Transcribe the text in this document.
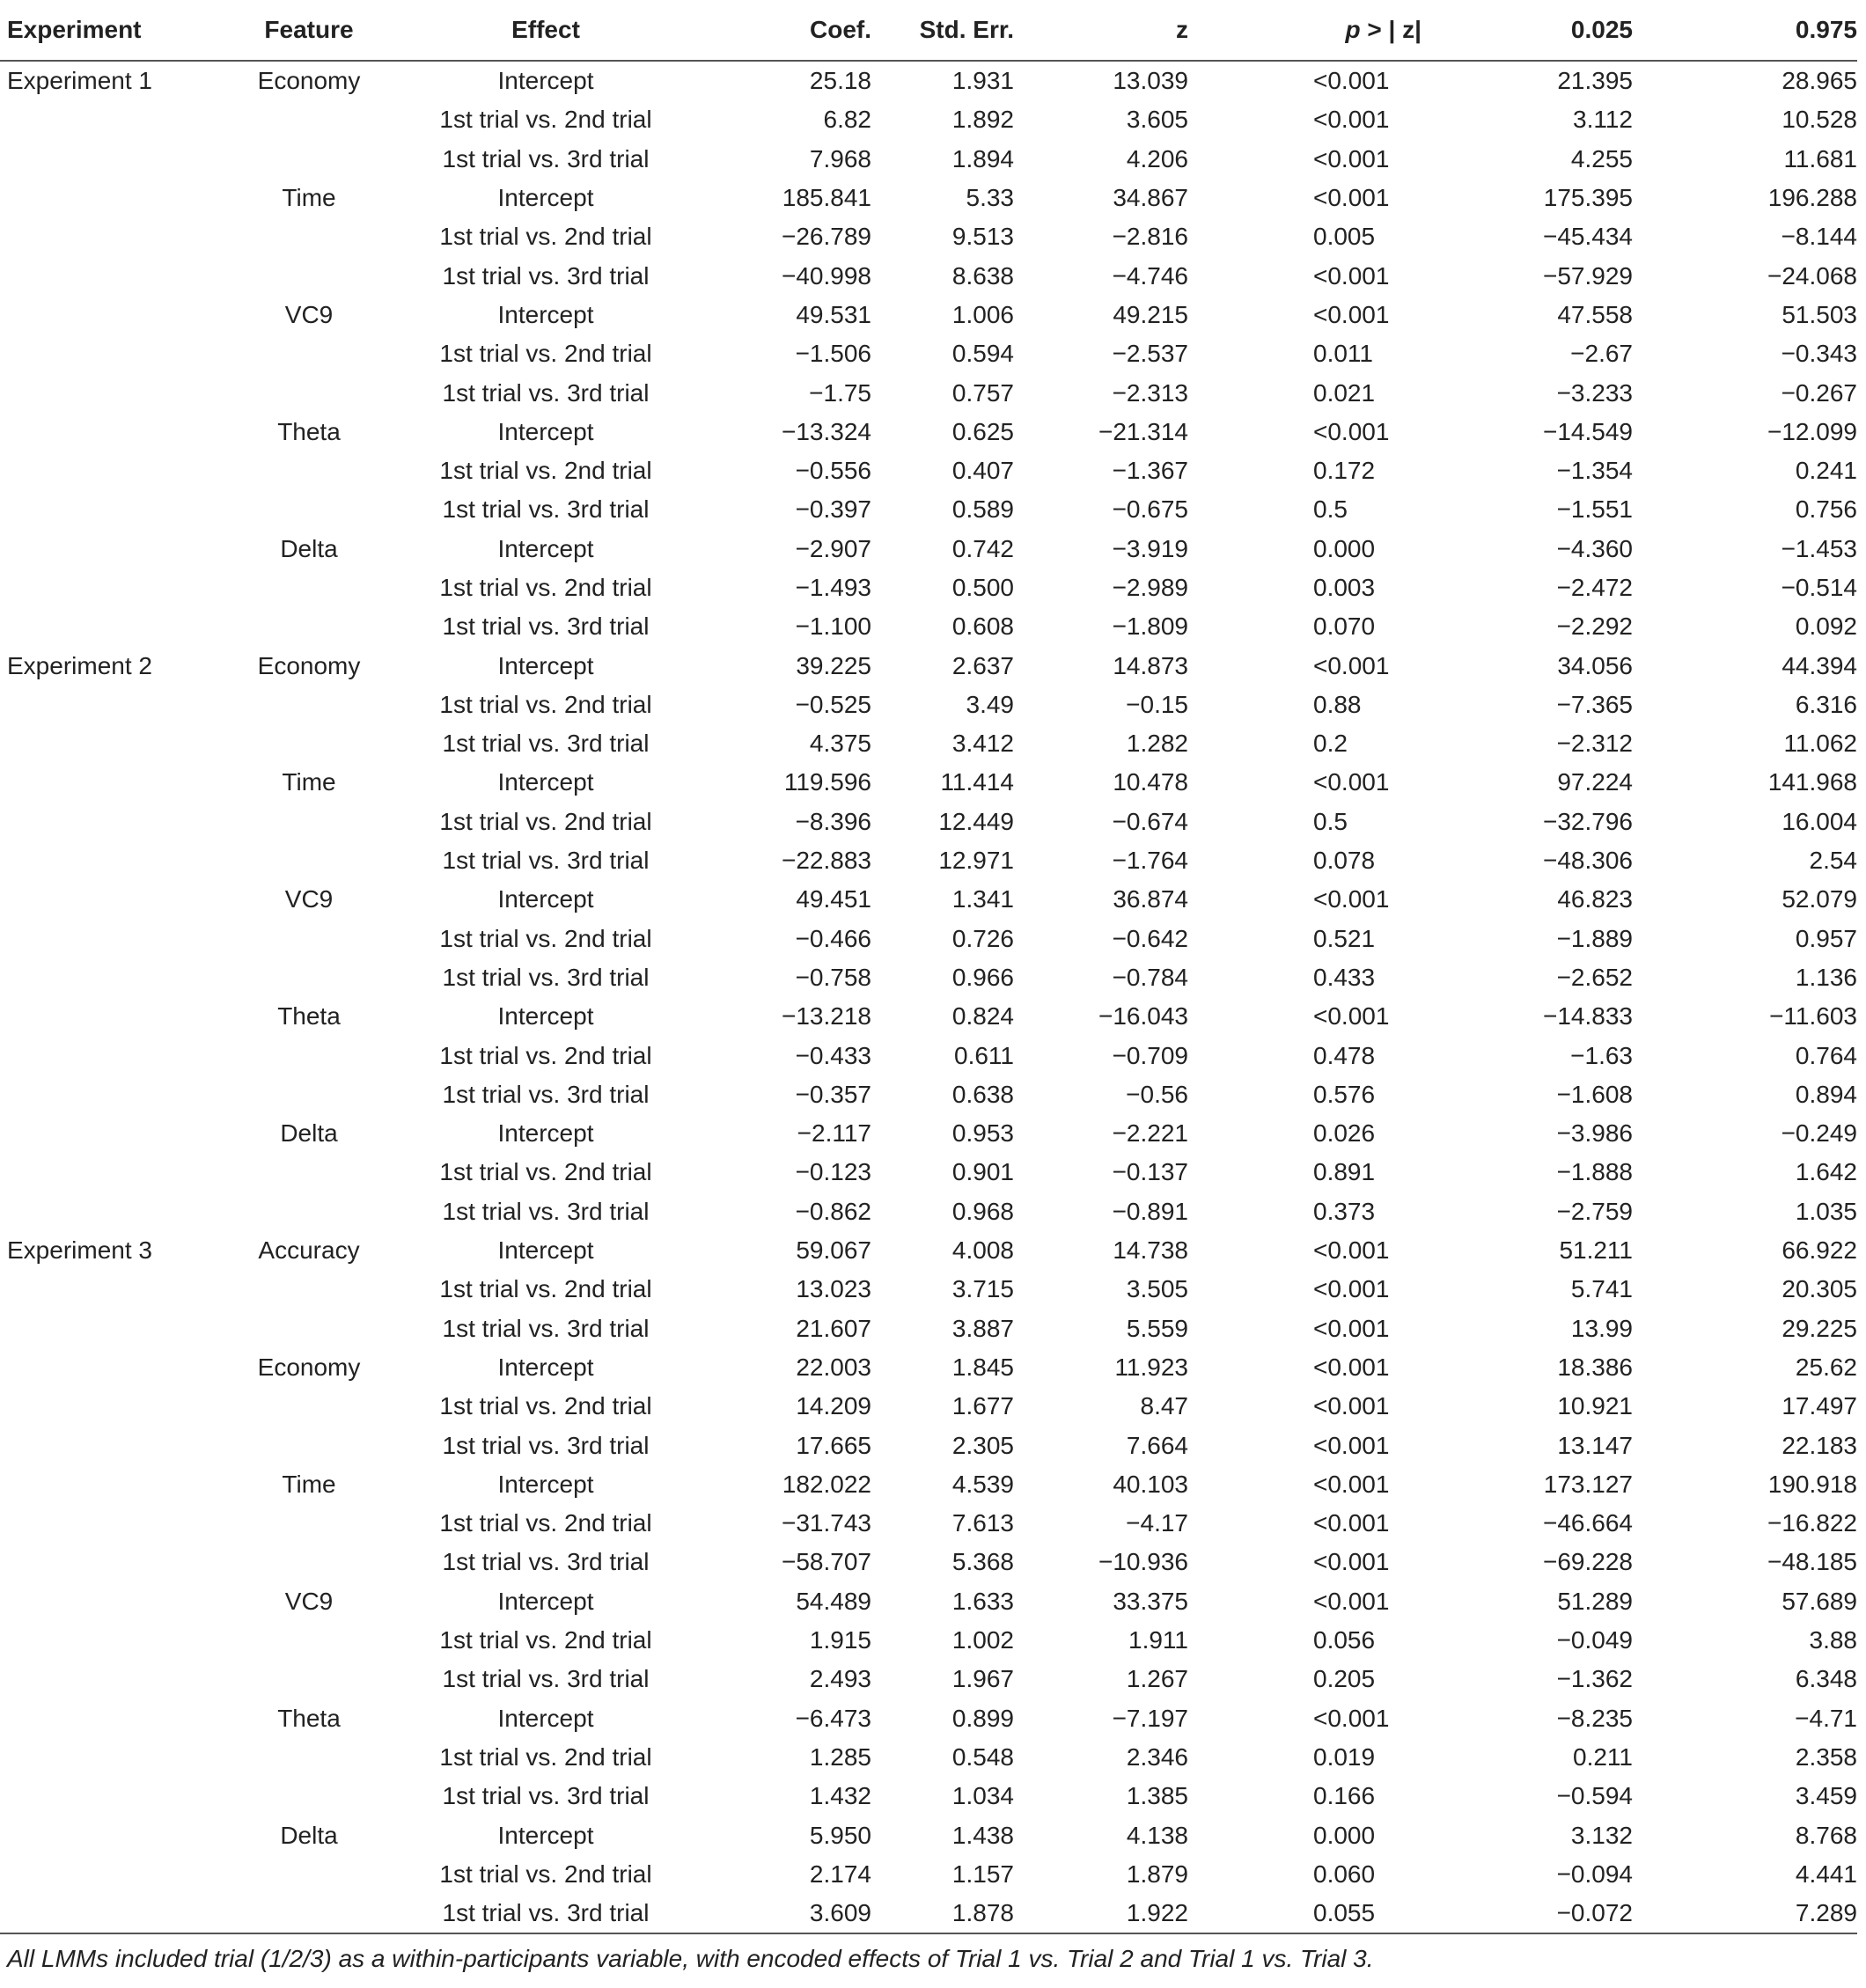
Experiment	Feature	Effect	Coef.	Std. Err.	z	p > | z|	0.025	0.975
Experiment 1	Economy	Intercept	25.18	1.931	13.039	<0.001	21.395	28.965
		1st trial vs. 2nd trial	6.82	1.892	3.605	<0.001	3.112	10.528
		1st trial vs. 3rd trial	7.968	1.894	4.206	<0.001	4.255	11.681
	Time	Intercept	185.841	5.33	34.867	<0.001	175.395	196.288
		1st trial vs. 2nd trial	−26.789	9.513	−2.816	0.005	−45.434	−8.144
		1st trial vs. 3rd trial	−40.998	8.638	−4.746	<0.001	−57.929	−24.068
	VC9	Intercept	49.531	1.006	49.215	<0.001	47.558	51.503
		1st trial vs. 2nd trial	−1.506	0.594	−2.537	0.011	−2.67	−0.343
		1st trial vs. 3rd trial	−1.75	0.757	−2.313	0.021	−3.233	−0.267
	Theta	Intercept	−13.324	0.625	−21.314	<0.001	−14.549	−12.099
		1st trial vs. 2nd trial	−0.556	0.407	−1.367	0.172	−1.354	0.241
		1st trial vs. 3rd trial	−0.397	0.589	−0.675	0.5	−1.551	0.756
	Delta	Intercept	−2.907	0.742	−3.919	0.000	−4.360	−1.453
		1st trial vs. 2nd trial	−1.493	0.500	−2.989	0.003	−2.472	−0.514
		1st trial vs. 3rd trial	−1.100	0.608	−1.809	0.070	−2.292	0.092
Experiment 2	Economy	Intercept	39.225	2.637	14.873	<0.001	34.056	44.394
		1st trial vs. 2nd trial	−0.525	3.49	−0.15	0.88	−7.365	6.316
		1st trial vs. 3rd trial	4.375	3.412	1.282	0.2	−2.312	11.062
	Time	Intercept	119.596	11.414	10.478	<0.001	97.224	141.968
		1st trial vs. 2nd trial	−8.396	12.449	−0.674	0.5	−32.796	16.004
		1st trial vs. 3rd trial	−22.883	12.971	−1.764	0.078	−48.306	2.54
	VC9	Intercept	49.451	1.341	36.874	<0.001	46.823	52.079
		1st trial vs. 2nd trial	−0.466	0.726	−0.642	0.521	−1.889	0.957
		1st trial vs. 3rd trial	−0.758	0.966	−0.784	0.433	−2.652	1.136
	Theta	Intercept	−13.218	0.824	−16.043	<0.001	−14.833	−11.603
		1st trial vs. 2nd trial	−0.433	0.611	−0.709	0.478	−1.63	0.764
		1st trial vs. 3rd trial	−0.357	0.638	−0.56	0.576	−1.608	0.894
	Delta	Intercept	−2.117	0.953	−2.221	0.026	−3.986	−0.249
		1st trial vs. 2nd trial	−0.123	0.901	−0.137	0.891	−1.888	1.642
		1st trial vs. 3rd trial	−0.862	0.968	−0.891	0.373	−2.759	1.035
Experiment 3	Accuracy	Intercept	59.067	4.008	14.738	<0.001	51.211	66.922
		1st trial vs. 2nd trial	13.023	3.715	3.505	<0.001	5.741	20.305
		1st trial vs. 3rd trial	21.607	3.887	5.559	<0.001	13.99	29.225
	Economy	Intercept	22.003	1.845	11.923	<0.001	18.386	25.62
		1st trial vs. 2nd trial	14.209	1.677	8.47	<0.001	10.921	17.497
		1st trial vs. 3rd trial	17.665	2.305	7.664	<0.001	13.147	22.183
	Time	Intercept	182.022	4.539	40.103	<0.001	173.127	190.918
		1st trial vs. 2nd trial	−31.743	7.613	−4.17	<0.001	−46.664	−16.822
		1st trial vs. 3rd trial	−58.707	5.368	−10.936	<0.001	−69.228	−48.185
	VC9	Intercept	54.489	1.633	33.375	<0.001	51.289	57.689
		1st trial vs. 2nd trial	1.915	1.002	1.911	0.056	−0.049	3.88
		1st trial vs. 3rd trial	2.493	1.967	1.267	0.205	−1.362	6.348
	Theta	Intercept	−6.473	0.899	−7.197	<0.001	−8.235	−4.71
		1st trial vs. 2nd trial	1.285	0.548	2.346	0.019	0.211	2.358
		1st trial vs. 3rd trial	1.432	1.034	1.385	0.166	−0.594	3.459
	Delta	Intercept	5.950	1.438	4.138	0.000	3.132	8.768
		1st trial vs. 2nd trial	2.174	1.157	1.879	0.060	−0.094	4.441
		1st trial vs. 3rd trial	3.609	1.878	1.922	0.055	−0.072	7.289
All LMMs included trial (1/2/3) as a within-participants variable, with encoded effects of Trial 1 vs. Trial 2 and Trial 1 vs. Trial 3.
